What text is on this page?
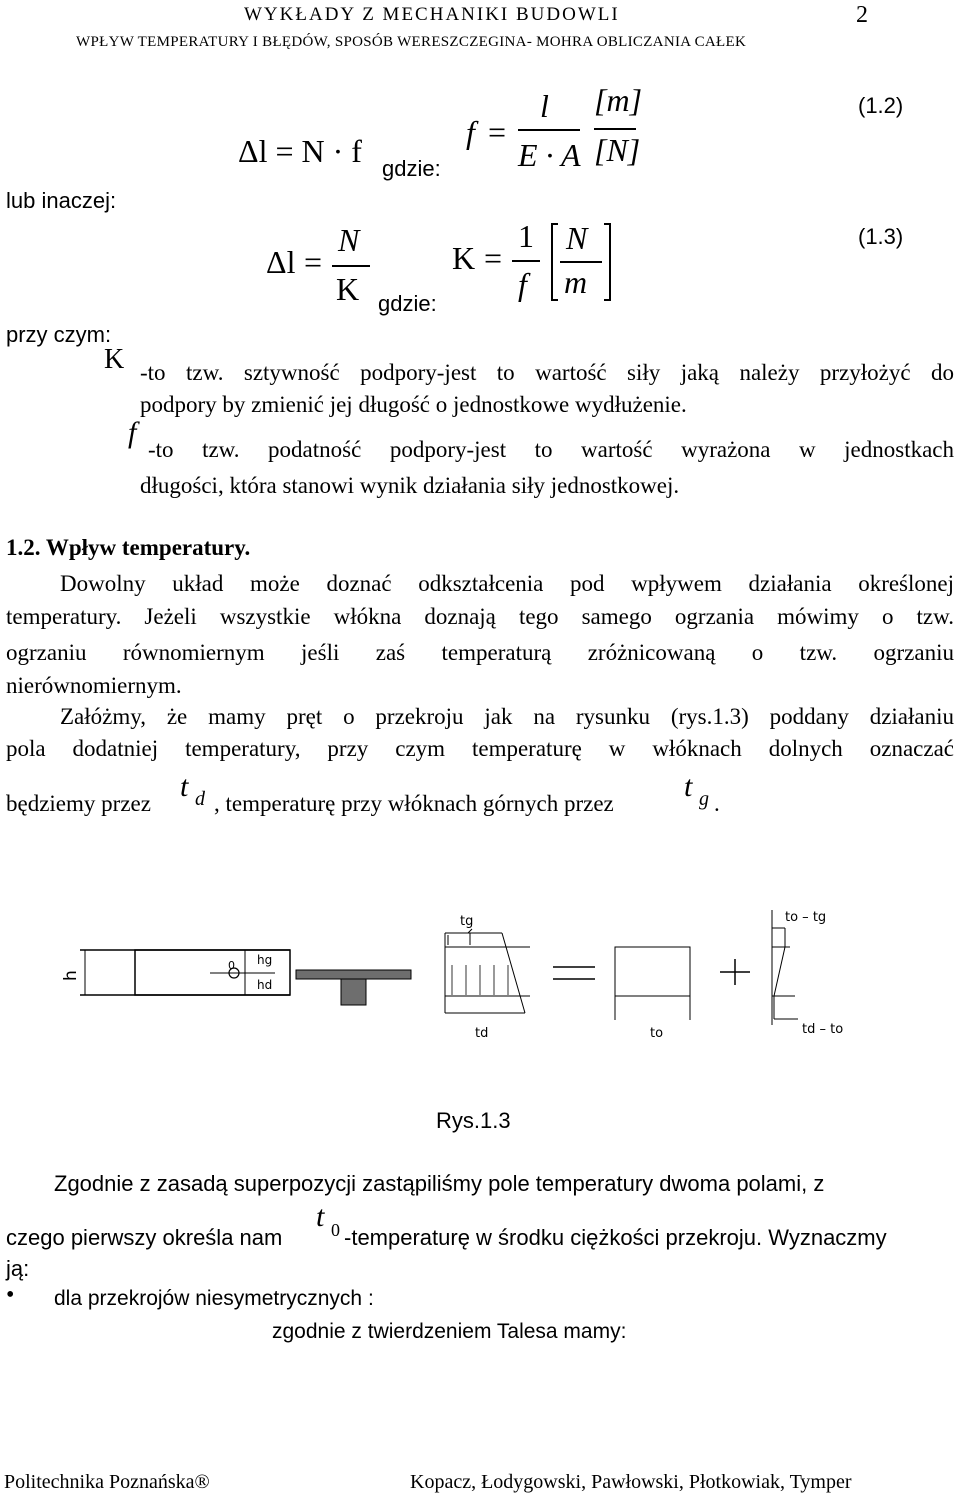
WYKŁADY Z MECHANIKI BUDOWLI	2
WPŁYW TEMPERATURY I BŁĘDÓW, SPOSÓB WERESZCZEGINA- MOHRA OBLICZANIA CAŁEK
Δl = N · f gdzie:
f =
l
E · A
[m]
[N]
(1.2)
lub inaczej:
Δl =
N
K gdzie:
K =
1
f
N
m
(1.3)
przy czym:
K -to tzw. sztywność podpory-jest to wartość siły jaką należy przyłożyć do
podpory by zmienić jej długość o jednostkowe wydłużenie.
f
-to tzw. podatność podpory-jest to wartość wyrażona w jednostkach
długości, która stanowi wynik działania siły jednostkowej.
1.2. Wpływ temperatury.
Dowolny układ może doznać odkształcenia pod wpływem działania określonej
temperatury. Jeżeli wszystkie włókna doznają tego samego ogrzania mówimy o tzw.
ogrzaniu równomiernym jeśli zaś temperaturą zróżnicowaną o tzw. ogrzaniu
nierównomiernym.
Załóżmy, że mamy pręt o przekroju jak na rysunku (rys.1.3) poddany działaniu
pola dodatniej temperatury, przy czym temperaturę w włóknach dolnych oznaczać
będziemy przez
t d , temperaturę przy włóknach górnych przez
t g .
h
0 hg
hd
tg
td	to
to – tg
td – to
Rys.1.3
Zgodnie z zasadą superpozycji zastąpiliśmy pole temperatury dwoma polami, z
czego pierwszy określa nam
t 0 -temperaturę w środku ciężkości przekroju. Wyznaczmy
ją:
• dla przekrojów niesymetrycznych :
zgodnie z twierdzeniem Talesa mamy:
Politechnika Poznańska®	Kopacz, Łodygowski, Pawłowski, Płotkowiak, Tymper
